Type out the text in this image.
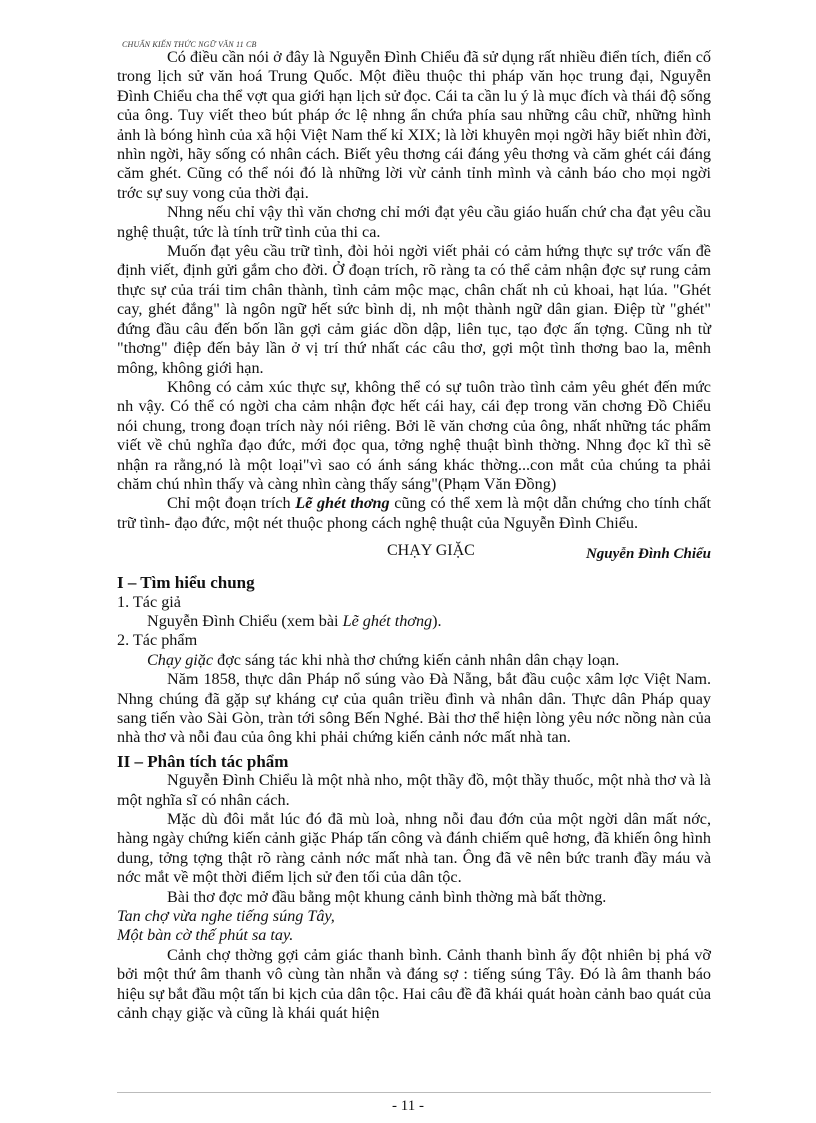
CHUẨN KIẾN THỨC NGỮ VĂN 11 CB

Có điều cần nói ở đây là Nguyễn Đình Chiểu đã sử dụng rất nhiều điển tích, điển cố trong lịch sử văn hoá Trung Quốc. Một điều thuộc thi pháp văn học trung đại, Nguyễn Đình Chiểu cha thể vợt qua giới hạn lịch sử đọc. Cái ta cần lu ý là mục đích và thái độ sống của ông. Tuy viết theo bút pháp ớc lệ nhng ẩn chứa phía sau những câu chữ, những hình ảnh là bóng hình của xã hội Việt Nam thế kỉ XIX; là lời khuyên mọi ngời hãy biết nhìn đời, nhìn ngời, hãy sống có nhân cách. Biết yêu thơng cái đáng yêu thơng và căm ghét cái đáng căm ghét. Cũng có thể nói đó là những lời vừ cảnh tỉnh mình và cảnh báo cho mọi ngời trớc sự suy vong của thời đại.

Nhng nếu chỉ vậy thì văn chơng chỉ mới đạt yêu cầu giáo huấn chứ cha đạt yêu cầu nghệ thuật, tức là tính trữ tình của thi ca.

Muốn đạt yêu cầu trữ tình, đòi hỏi ngời viết phải có cảm hứng thực sự trớc vấn đề định viết, định gửi gắm cho đời. Ở đoạn trích, rõ ràng ta có thể cảm nhận đợc sự rung cảm thực sự của trái tim chân thành, tình cảm mộc mạc, chân chất nh củ khoai, hạt lúa. "Ghét cay, ghét đắng" là ngôn ngữ hết sức bình dị, nh một thành ngữ dân gian. Điệp từ "ghét" đứng đầu câu đến bốn lần gợi cảm giác dồn dập, liên tục, tạo đợc ấn tợng. Cũng nh từ "thơng" điệp đến bảy lần ở vị trí thứ nhất các câu thơ, gợi một tình thơng bao la, mênh mông, không giới hạn.

Không có cảm xúc thực sự, không thể có sự tuôn trào tình cảm yêu ghét đến mức nh vậy. Có thể có ngời cha cảm nhận đợc hết cái hay, cái đẹp trong văn chơng Đồ Chiểu nói chung, trong đoạn trích này nói riêng. Bởi lẽ văn chơng của ông, nhất những tác phẩm viết về chủ nghĩa đạo đức, mới đọc qua, tởng nghệ thuật bình thờng. Nhng đọc kĩ thì sẽ nhận ra rằng,nó là một loại"vì sao có ánh sáng khác thờng...con mắt của chúng ta phải chăm chú nhìn thấy và càng nhìn càng thấy sáng"(Phạm Văn Đồng)

Chỉ một đoạn trích Lẽ ghét thơng cũng có thể xem là một dẫn chứng cho tính chất trữ tình- đạo đức, một nét thuộc phong cách nghệ thuật của Nguyễn Đình Chiểu.

CHẠY GIẶC	Nguyễn Đình Chiểu
I – Tìm hiểu chung

1. Tác giả

Nguyễn Đình Chiểu (xem bài Lẽ ghét thơng).

2. Tác phẩm

Chạy giặc đợc sáng tác khi nhà thơ chứng kiến cảnh nhân dân chạy loạn.

Năm 1858, thực dân Pháp nổ súng vào Đà Nẵng, bắt đầu cuộc xâm lợc Việt Nam. Nhng chúng đã gặp sự kháng cự của quân triều đình và nhân dân. Thực dân Pháp quay sang tiến vào Sài Gòn, tràn tới sông Bến Nghé. Bài thơ thể hiện lòng yêu nớc nồng nàn của nhà thơ và nỗi đau của ông khi phải chứng kiến cảnh nớc mất nhà tan.

II – Phân tích tác phẩm

Nguyễn Đình Chiểu là một nhà nho, một thầy đồ, một thầy thuốc, một nhà thơ và là một nghĩa sĩ có nhân cách.

Mặc dù đôi mắt lúc đó đã mù loà, nhng nỗi đau đớn của một ngời dân mất nớc, hàng ngày chứng kiến cảnh giặc Pháp tấn công và đánh chiếm quê hơng, đã khiến ông hình dung, tởng tợng thật rõ ràng cảnh nớc mất nhà tan. Ông đã vẽ nên bức tranh đầy máu và nớc mắt về một thời điểm lịch sử đen tối của dân tộc.

Bài thơ đợc mở đầu bằng một khung cảnh bình thờng mà bất thờng.

Tan chợ vừa nghe tiếng súng Tây,

Một bàn cờ thế phút sa tay.

Cảnh chợ thờng gợi cảm giác thanh bình. Cảnh thanh bình ấy đột nhiên bị phá vỡ bởi một thứ âm thanh vô cùng tàn nhẫn và đáng sợ : tiếng súng Tây. Đó là âm thanh báo hiệu sự bắt đầu một tấn bi kịch của dân tộc. Hai câu đề đã khái quát hoàn cảnh bao quát của cảnh chạy giặc và cũng là khái quát hiện

- 11 -
